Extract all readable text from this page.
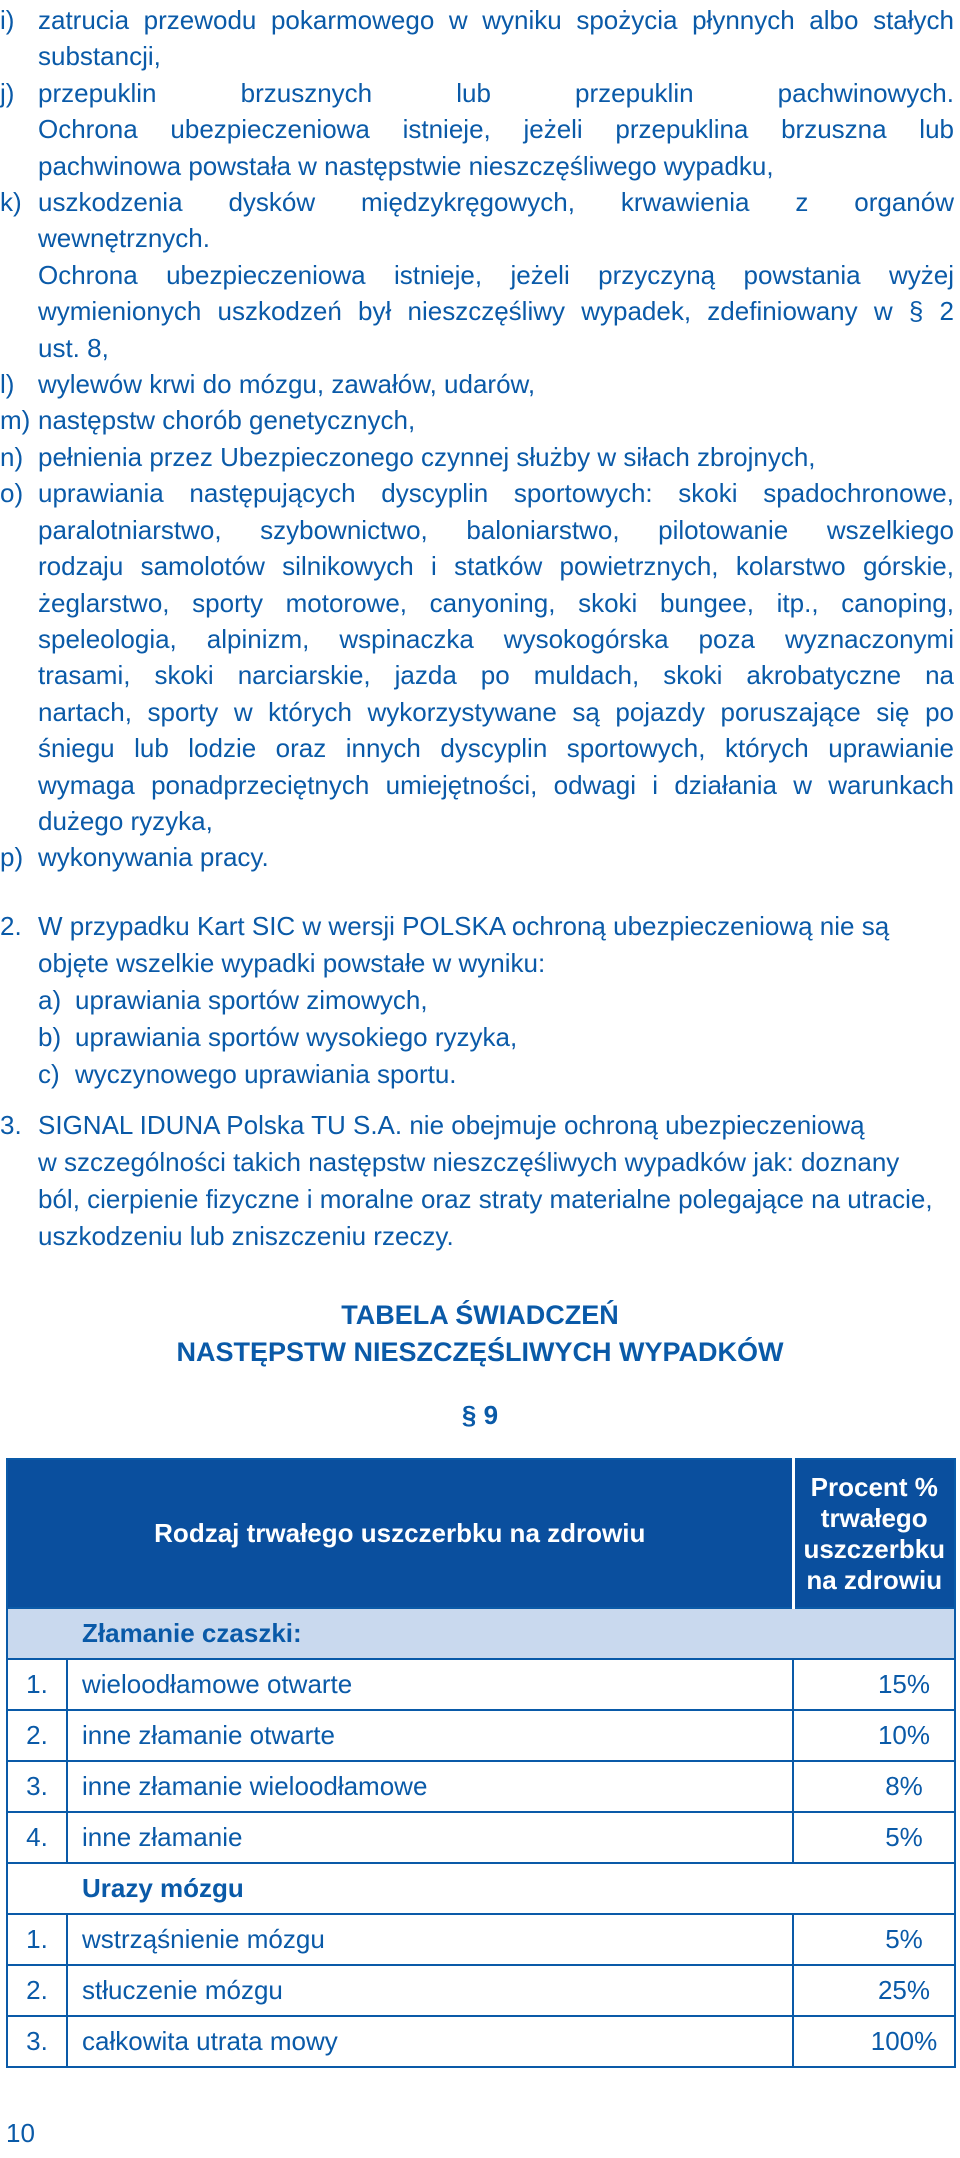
i) zatrucia przewodu pokarmowego w wyniku spożycia płynnych albo stałych
substancji,
j) przepuklin brzusznych lub przepuklin pachwinowych.
Ochrona ubezpieczeniowa istnieje, jeżeli przepuklina brzuszna lub
pachwinowa powstała w następstwie nieszczęśliwego wypadku,
k) uszkodzenia dysków międzykręgowych, krwawienia z organów
wewnętrznych.
Ochrona ubezpieczeniowa istnieje, jeżeli przyczyną powstania wyżej
wymienionych uszkodzeń był nieszczęśliwy wypadek, zdefiniowany w § 2
ust. 8,
l) wylewów krwi do mózgu, zawałów, udarów,
m) następstw chorób genetycznych,
n) pełnienia przez Ubezpieczonego czynnej służby w siłach zbrojnych,
o) uprawiania następujących dyscyplin sportowych: skoki spadochronowe,
paralotniarstwo, szybownictwo, baloniarstwo, pilotowanie wszelkiego
rodzaju samolotów silnikowych i statków powietrznych, kolarstwo górskie,
żeglarstwo, sporty motorowe, canyoning, skoki bungee, itp., canoping,
speleologia, alpinizm, wspinaczka wysokogórska poza wyznaczonymi
trasami, skoki narciarskie, jazda po muldach, skoki akrobatyczne na
nartach, sporty w których wykorzystywane są pojazdy poruszające się po
śniegu lub lodzie oraz innych dyscyplin sportowych, których uprawianie
wymaga ponadprzeciętnych umiejętności, odwagi i działania w warunkach
dużego ryzyka,
p) wykonywania pracy.
2. W przypadku Kart SIC w wersji POLSKA ochroną ubezpieczeniową nie są
objęte wszelkie wypadki powstałe w wyniku:
a) uprawiania sportów zimowych,
b) uprawiania sportów wysokiego ryzyka,
c) wyczynowego uprawiania sportu.
3. SIGNAL IDUNA Polska TU S.A. nie obejmuje ochroną ubezpieczeniową
w szczególności takich następstw nieszczęśliwych wypadków jak: doznany
ból, cierpienie fizyczne i moralne oraz straty materialne polegające na utracie,
uszkodzeniu lub zniszczeniu rzeczy.
TABELA ŚWIADCZEŃ
NASTĘPSTW NIESZCZĘŚLIWYCH WYPADKÓW
§ 9
Rodzaj trwałego uszczerbku na zdrowiu		Procent %
trwałego
uszczerbku
na zdrowiu

Złamanie czaszki:		
1.	wieloodłamowe otwarte	15%
2.	inne złamanie otwarte	10%
3.	inne złamanie wieloodłamowe	8%
4.	inne złamanie	5%
Urazy mózgu		
1.	wstrząśnienie mózgu	5%
2.	stłuczenie mózgu	25%
3.	całkowita utrata mowy	100%
10
